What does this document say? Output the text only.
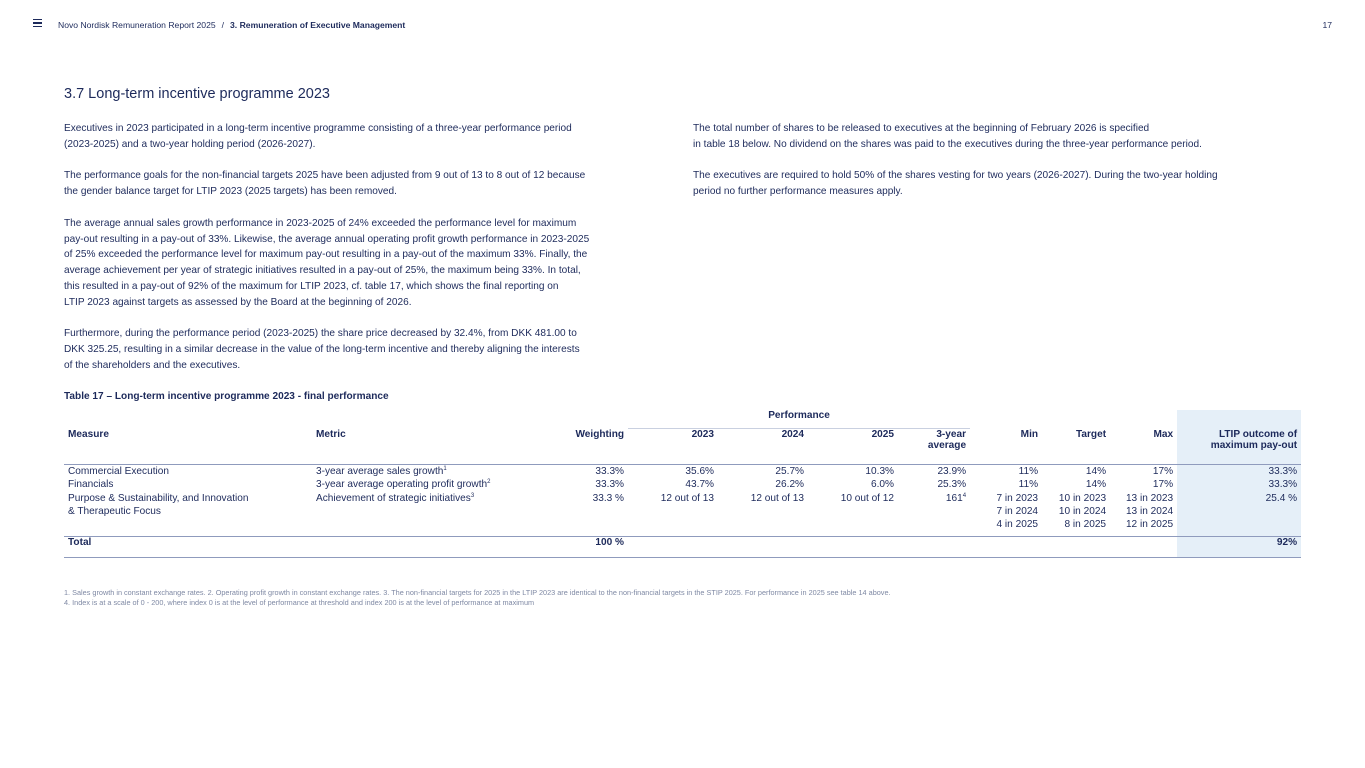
Novo Nordisk Remuneration Report 2025 / 3. Remuneration of Executive Management	17
3.7 Long-term incentive programme 2023

Executives in 2023 participated in a long-term incentive programme consisting of a three-year performance period
(2023-2025) and a two-year holding period (2026-2027).

The performance goals for the non-financial targets 2025 have been adjusted from 9 out of 13 to 8 out of 12 because
the gender balance target for LTIP 2023 (2025 targets) has been removed.

The average annual sales growth performance in 2023-2025 of 24% exceeded the performance level for maximum
pay-out resulting in a pay-out of 33%. Likewise, the average annual operating profit growth performance in 2023-2025
of 25% exceeded the performance level for maximum pay-out resulting in a pay-out of the maximum 33%. Finally, the
average achievement per year of strategic initiatives resulted in a pay-out of 25%, the maximum being 33%. In total,
this resulted in a pay-out of 92% of the maximum for LTIP 2023, cf. table 17, which shows the final reporting on
LTIP 2023 against targets as assessed by the Board at the beginning of 2026.

Furthermore, during the performance period (2023-2025) the share price decreased by 32.4%, from DKK 481.00 to
DKK 325.25, resulting in a similar decrease in the value of the long-term incentive and thereby aligning the interests
of the shareholders and the executives.

The total number of shares to be released to executives at the beginning of February 2026 is specified
in table 18 below. No dividend on the shares was paid to the executives during the three-year performance period.

The executives are required to hold 50% of the shares vesting for two years (2026-2027). During the two-year holding
period no further performance measures apply.

Table 17 – Long-term incentive programme 2023 - final performance
			Performance							
Measure	Metric	Weighting	2023	2024	2025	3-year
average	Min	Target	Max	LTIP outcome of
maximum pay-out

Commercial Execution	3-year average sales growth$^1$	33.3%	35.6%	25.7%	10.3%	23.9%	11%	14%	17%	33.3%
Financials	3-year average operating profit growth$^2$	33.3%	43.7%	26.2%	6.0%	25.3%	11%	14%	17%	33.3%

Purpose & Sustainability, and Innovation
& Therapeutic Focus	Achievement of strategic initiatives$^3$	33.3 %	12 out of 13	12 out of 13	10 out of 12	$161^4$	7 in 2023
7 in 2024
4 in 2025	10 in 2023
10 in 2024
8 in 2025	13 in 2023
13 in 2024
12 in 2025	25.4 %
Total		100 %								92%
1. Sales growth in constant exchange rates. 2. Operating profit growth in constant exchange rates. 3. The non-financial targets for 2025 in the LTIP 2023 are identical to the non-financial targets in the STIP 2025. For performance in 2025 see table 14 above.
4. Index is at a scale of 0 - 200, where index 0 is at the level of performance at threshold and index 200 is at the level of performance at maximum
